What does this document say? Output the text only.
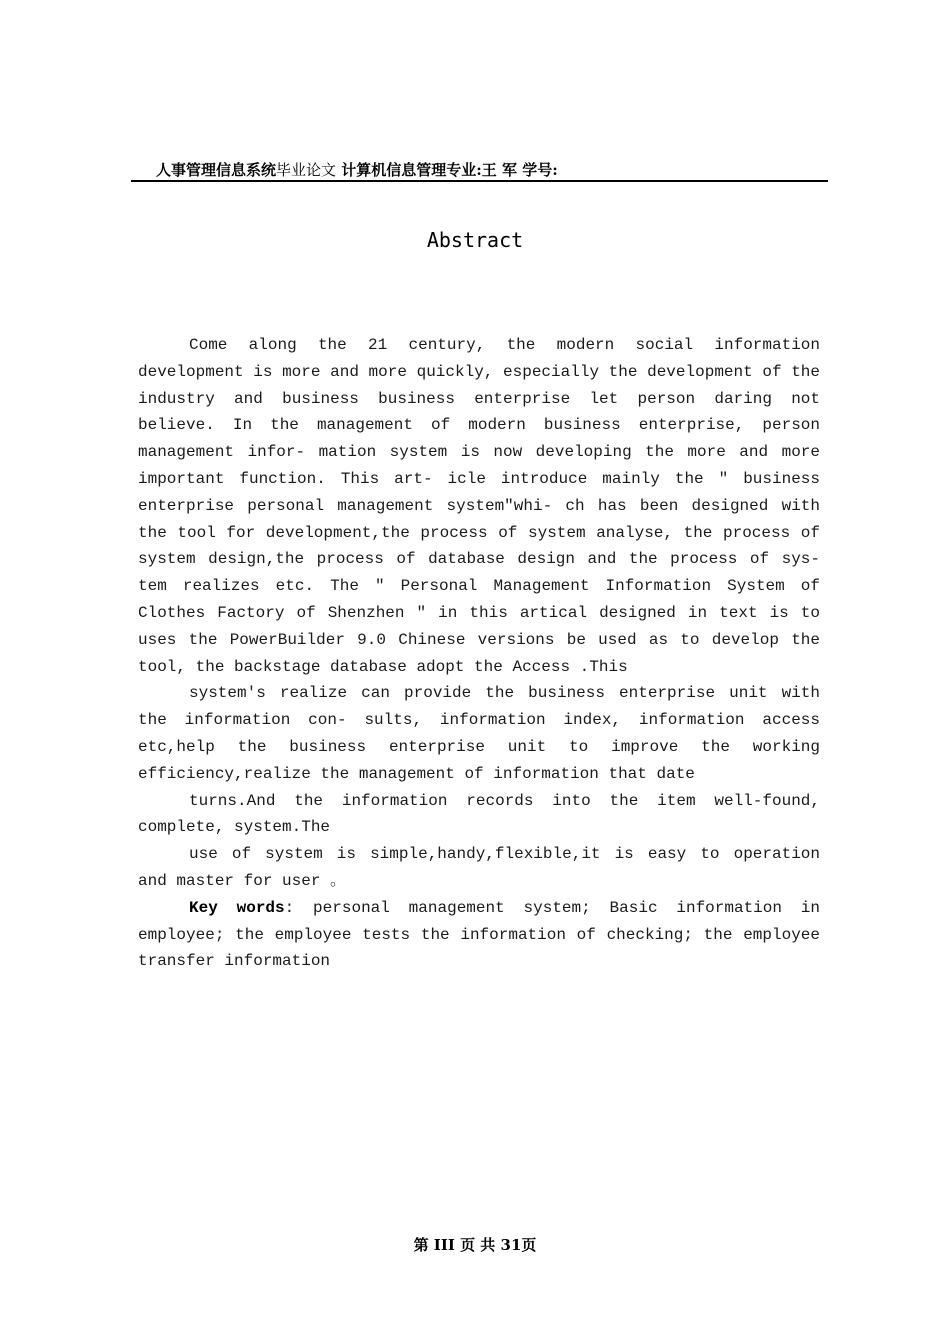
人事管理信息系统毕业论文 计算机信息管理专业:王 军 学号:
Abstract

Come along the 21 century, the modern social information development is more and more quickly, especially the development of the industry and business business enterprise let person daring not believe. In the management of modern business enterprise, person management infor- mation system is now developing the more and more important function. This art- icle introduce mainly the ″ business enterprise personal management system″whi- ch has been designed with the tool for development,the process of system analyse, the process of system design,the process of database design and the process of sys- tem realizes etc. The ″ Personal Management Information System of Clothes Factory of Shenzhen ″ in this artical designed in text is to uses the PowerBuilder 9.0 Chinese versions be used as to develop the tool, the backstage database adopt the Access .This

system′s realize can provide the business enterprise unit with the information con- sults, information index, information access etc,help the business enterprise unit to improve the working efficiency,realize the management of information that date

turns.And the information records into the item well-found, complete, system.The

use of system is simple,handy,flexible,it is easy to operation and master for user 。

Key words: personal management system; Basic information in employee; the employee tests the information of checking; the employee transfer information

第 III 页 共 31页
